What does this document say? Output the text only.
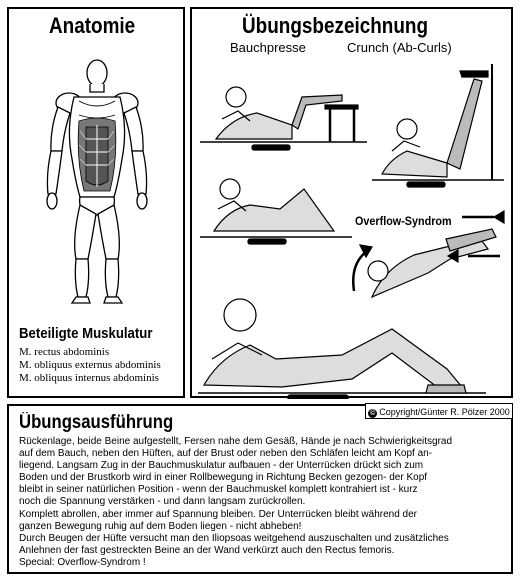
Anatomie
Beteiligte Muskulatur
M. rectus abdominis
M. obliquus externus abdominis
M. obliquus internus abdominis
Übungsbezeichnung
Bauchpresse	Crunch (Ab-Curls)
Overflow-Syndrom
© Copyright/Günter R. Pölzer 2000
Übungsausführung
Rückenlage, beide Beine aufgestellt, Fersen nahe dem Gesäß, Hände je nach Schwierigkeitsgrad
auf dem Bauch, neben den Hüften, auf der Brust oder neben den Schläfen leicht am Kopf an-
liegend. Langsam Zug in der Bauchmuskulatur aufbauen - der Unterrücken drückt sich zum
Boden und der Brustkorb wird in einer Rollbewegung in Richtung Becken gezogen- der Kopf
bleibt in seiner natürlichen Position - wenn der Bauchmuskel komplett kontrahiert ist - kurz
noch die Spannung verstärken - und dann langsam zurückrollen.
Komplett abrollen, aber immer auf Spannung bleiben. Der Unterrücken bleibt während der
ganzen Bewegung ruhig auf dem Boden liegen - nicht abheben!
Durch Beugen der Hüfte versucht man den Iliopsoas weitgehend auszuschalten und zusätzliches
Anlehnen der fast gestreckten Beine an der Wand verkürzt auch den Rectus femoris.
Special: Overflow-Syndrom !
